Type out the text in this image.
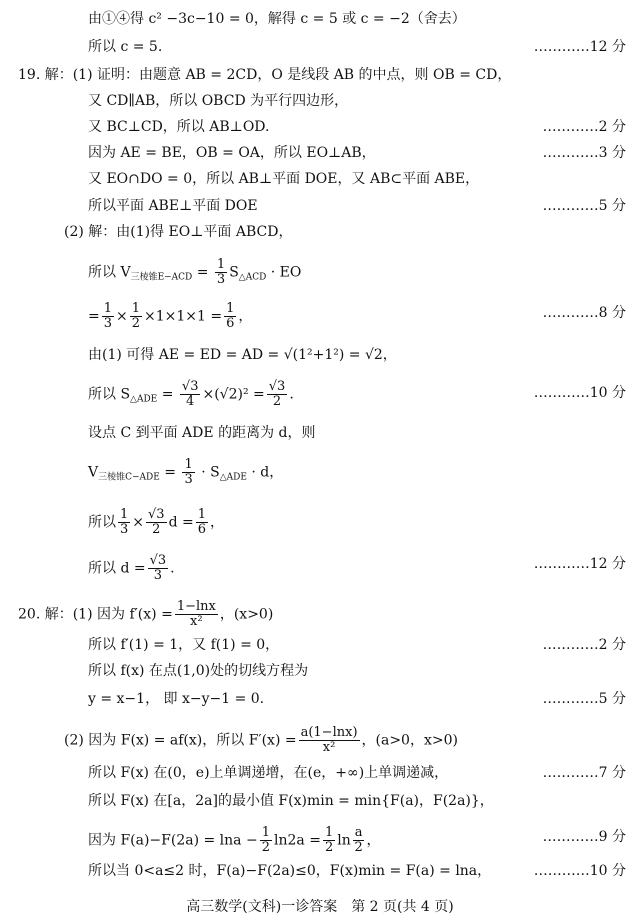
由①④得 c² −3c−10 = 0，解得 c = 5 或 c = −2（舍去）
所以 c = 5.	…………12 分
19. 解：(1) 证明：由题意 AB = 2CD，O 是线段 AB 的中点，则 OB = CD，
又 CD∥AB，所以 OBCD 为平行四边形，
又 BC⊥CD，所以 AB⊥OD.	…………2 分
因为 AE = BE，OB = OA，所以 EO⊥AB，	…………3 分
又 EO∩DO = 0，所以 AB⊥平面 DOE，又 AB⊂平面 ABE，
所以平面 ABE⊥平面 DOE	…………5 分
(2) 解：由(1)得 EO⊥平面 ABCD，
所以 $V_{三棱锥E-ACD} = \frac{1}{3} S_{\triangle ACD}$ · EO
= $\frac{1}{3} \times \frac{1}{2} \times 1\times 1\times 1 = \frac{1}{6}$ ，	…………8 分
由(1) 可得 AE = ED = AD = √(1²+1²) = √2，
所以 $S_{\triangle ADE} = \frac{√3}{4} \times(√2)^2 = \frac{√3}{2}$ .	…………10 分
设点 C 到平面 ADE 的距离为 d，则
$V_{三棱锥C-ADE} = \frac{1}{3} \cdot S_{\triangle ADE} \cdot d$，
所以 $\frac{1}{3} \times \frac{√3}{2}$ $d = \frac{1}{6}$ ，
所以 $d = \frac{√3}{3}$ .	…………12 分
20. 解：(1) 因为 $f'(x) = \frac{1-\ln x}{\text{x²}}$ ，(x>0)
所以 f′(1) = 1，又 f(1) = 0，	…………2 分
所以 f(x) 在点(1,0)处的切线方程为
y = x−1， 即 x−y−1 = 0.	…………5 分
(2) 因为 F(x) = af(x)，所以 $F'(x) = \frac{a(1-\ln x)}{\text{x²}}$ ，(a>0，x>0)
所以 F(x) 在(0，e)上单调递增，在(e，+∞)上单调递减，	…………7 分
所以 F(x) 在[a，2a]的最小值 F(x)min = min{F(a)，F(2a)}，
因为 $F(a)-F(2a) = \ln a - \frac{1}{2} \ln 2a = \frac{1}{2}$ $\ln \frac{a}{2}$ ，	…………9 分
所以当 0<a≤2 时，F(a)−F(2a)≤0，F(x)min = F(a) = lna，	…………10 分
高三数学(文科)一诊答案　第 2 页(共 4 页)
